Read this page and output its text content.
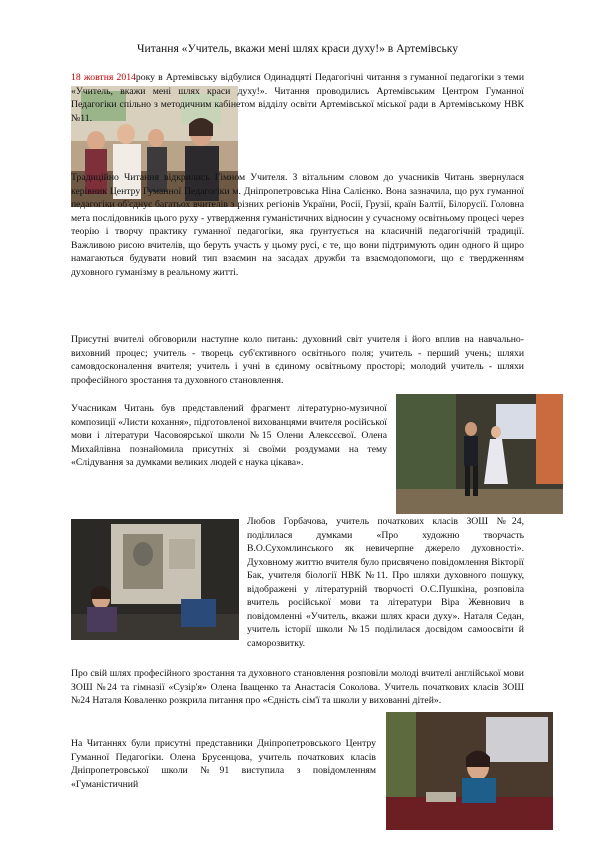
Читання «Учитель, вкажи мені шлях краси духу!» в Артемівську

18 жовтня 2014року в Артемівську відбулися Одинадцяті Педагогічні читання з гуманної педагогіки з теми «Учитель, вкажи мені шлях краси духу!». Читання проводились Артемівським Центром Гуманної Педагогіки спільно з методичним кабінетом відділу освіти Артемівської міської ради в Артемівському НВК №11.

Традиційно Читання відкрились Гімном Учителя. З вітальним словом до учасників Читань звернулася керівник Центру Гуманної Педагогіки м. Дніпропетровська Ніна Салієнко. Вона зазначила, що рух гуманної педагогіки об'єднує багатьох вчителів з різних регіонів України, Росії, Грузії, країн Балтії, Білорусії. Головна мета послідовників цього руху - утвердження гуманістичних відносин у сучасному освітньому процесі через теорію і творчу практику гуманної педагогіки, яка ґрунтується на класичній педагогічній традиції. Важливою рисою вчителів, що беруть участь у цьому русі, є те, що вони підтримують один одного й щиро намагаються будувати новий тип взаємин на засадах дружби та взаємодопомоги, що є твердженням духовного гуманізму в реальному житті.

Присутні вчителі обговорили наступне коло питань: духовний світ учителя і його вплив на навчально-виховний процес; учитель - творець суб'єктивного освітнього поля; учитель - перший учень; шляхи самовдосконалення вчителя; учитель і учні в єдиному освітньому просторі; молодий учитель - шляхи професійного зростання та духовного становлення.

Учасникам Читань був представлений фрагмент літературно-музичної композиції «Листи кохання», підготовленої вихованцями вчителя російської мови і літератури Часовоярської школи №15 Олени Алексєєвої. Олена Михайлівна познайомила присутніх зі своїми роздумами на тему «Слідування за думками великих людей є наука цікава».

Любов Горбачова, учитель початкових класів ЗОШ №24, поділилася думками «Про художню творчасть В.О.Сухомлинського як невичерпне джерело духовності». Духовному життю вчителя було присвячено повідомлення Вікторії Бак, учителя біології НВК №11. Про шляхи духовного пошуку, відображені у літературній творчості О.С.Пушкіна, розповіла вчитель російської мови та літератури Віра Жевнович в повідомленні «Учитель, вкажи шлях краси духу». Наталя Седан, учитель історії школи №15 поділилася досвідом самоосвіти й саморозвитку.

Про свій шлях професійного зростання та духовного становлення розповіли молоді вчителі англійської мови ЗОШ №24 та гімназії «Сузір'я» Олена Іващенко та Анастасія Соколова. Учитель початкових класів ЗОШ №24 Наталя Коваленко розкрила питання про «Єдність сім'ї та школи у вихованні дітей».

На Читаннях були присутні представники Дніпропетровського Центру Гуманної Педагогіки. Олена Брусенцова, учитель початкових класів Дніпропетровської школи №91 виступила з повідомленням «Гуманістичний
